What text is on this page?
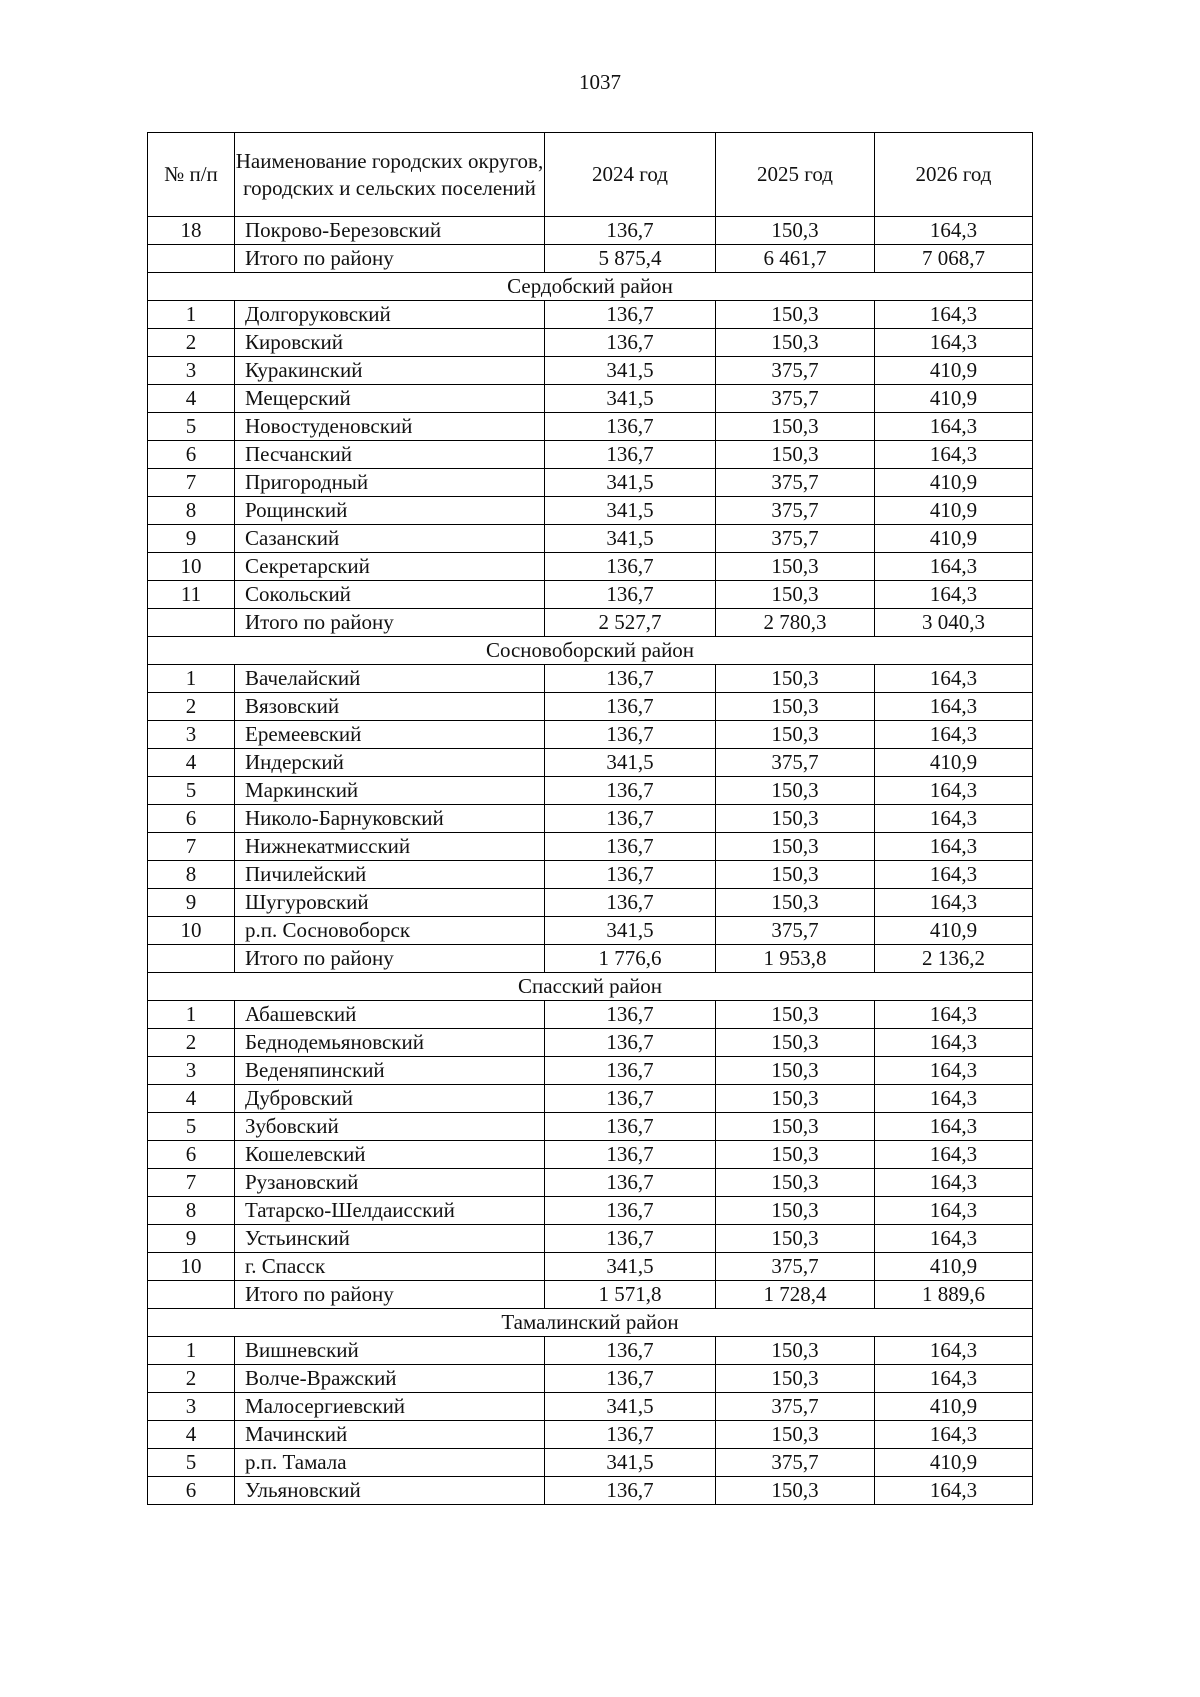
1037
№ п/п	Наименование городских округов, городских и сельских поселений	2024 год	2025 год	2026 год
18	Покрово-Березовский	136,7	150,3	164,3
	Итого по району	5 875,4	6 461,7	7 068,7
Сердобский район				
1	Долгоруковский	136,7	150,3	164,3
2	Кировский	136,7	150,3	164,3
3	Куракинский	341,5	375,7	410,9
4	Мещерский	341,5	375,7	410,9
5	Новостуденовский	136,7	150,3	164,3
6	Песчанский	136,7	150,3	164,3
7	Пригородный	341,5	375,7	410,9
8	Рощинский	341,5	375,7	410,9
9	Сазанский	341,5	375,7	410,9
10	Секретарский	136,7	150,3	164,3
11	Сокольский	136,7	150,3	164,3
	Итого по району	2 527,7	2 780,3	3 040,3
Сосновоборский район				
1	Вачелайский	136,7	150,3	164,3
2	Вязовский	136,7	150,3	164,3
3	Еремеевский	136,7	150,3	164,3
4	Индерский	341,5	375,7	410,9
5	Маркинский	136,7	150,3	164,3
6	Николо-Барнуковский	136,7	150,3	164,3
7	Нижнекатмисский	136,7	150,3	164,3
8	Пичилейский	136,7	150,3	164,3
9	Шугуровский	136,7	150,3	164,3
10	р.п. Сосновоборск	341,5	375,7	410,9
	Итого по району	1 776,6	1 953,8	2 136,2
Спасский район				
1	Абашевский	136,7	150,3	164,3
2	Беднодемьяновский	136,7	150,3	164,3
3	Веденяпинский	136,7	150,3	164,3
4	Дубровский	136,7	150,3	164,3
5	Зубовский	136,7	150,3	164,3
6	Кошелевский	136,7	150,3	164,3
7	Рузановский	136,7	150,3	164,3
8	Татарско-Шелдаисский	136,7	150,3	164,3
9	Устьинский	136,7	150,3	164,3
10	г. Спасск	341,5	375,7	410,9
	Итого по району	1 571,8	1 728,4	1 889,6
Тамалинский район				
1	Вишневский	136,7	150,3	164,3
2	Волче-Вражский	136,7	150,3	164,3
3	Малосергиевский	341,5	375,7	410,9
4	Мачинский	136,7	150,3	164,3
5	р.п. Тамала	341,5	375,7	410,9
6	Ульяновский	136,7	150,3	164,3
